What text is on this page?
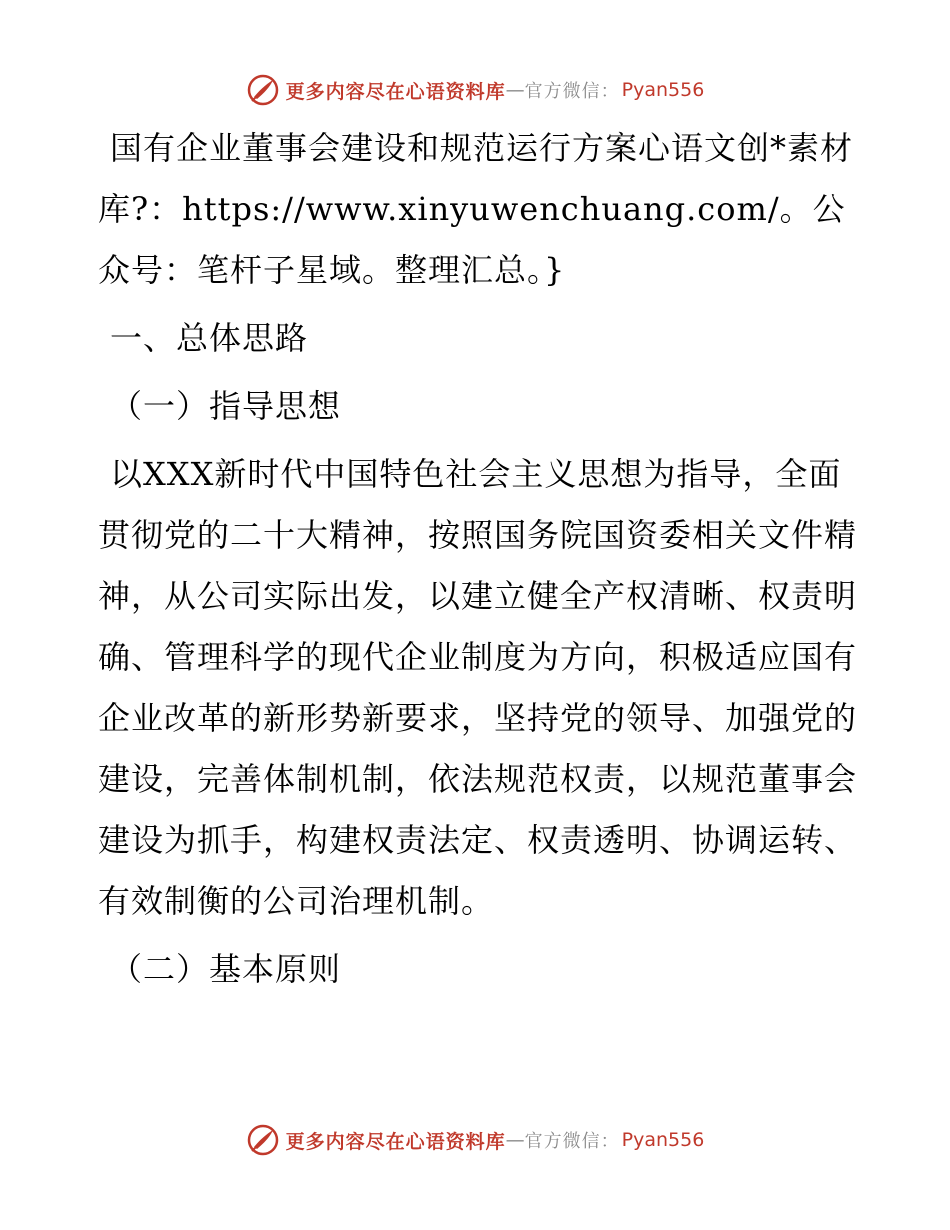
更多内容尽在心语资料库 — 官方微信： Pyan556

国有企业董事会建设和规范运行方案心语文创*素材库?：https://www.xinyuwenchuang.com/。公众号：笔杆子星域。整理汇总。}

一、总体思路

（一）指导思想

以XXX新时代中国特色社会主义思想为指导，全面贯彻党的二十大精神，按照国务院国资委相关文件精神，从公司实际出发，以建立健全产权清晰、权责明确、管理科学的现代企业制度为方向，积极适应国有企业改革的新形势新要求，坚持党的领导、加强党的建设，完善体制机制，依法规范权责，以规范董事会建设为抓手，构建权责法定、权责透明、协调运转、有效制衡的公司治理机制。

（二）基本原则

更多内容尽在心语资料库 — 官方微信： Pyan556
